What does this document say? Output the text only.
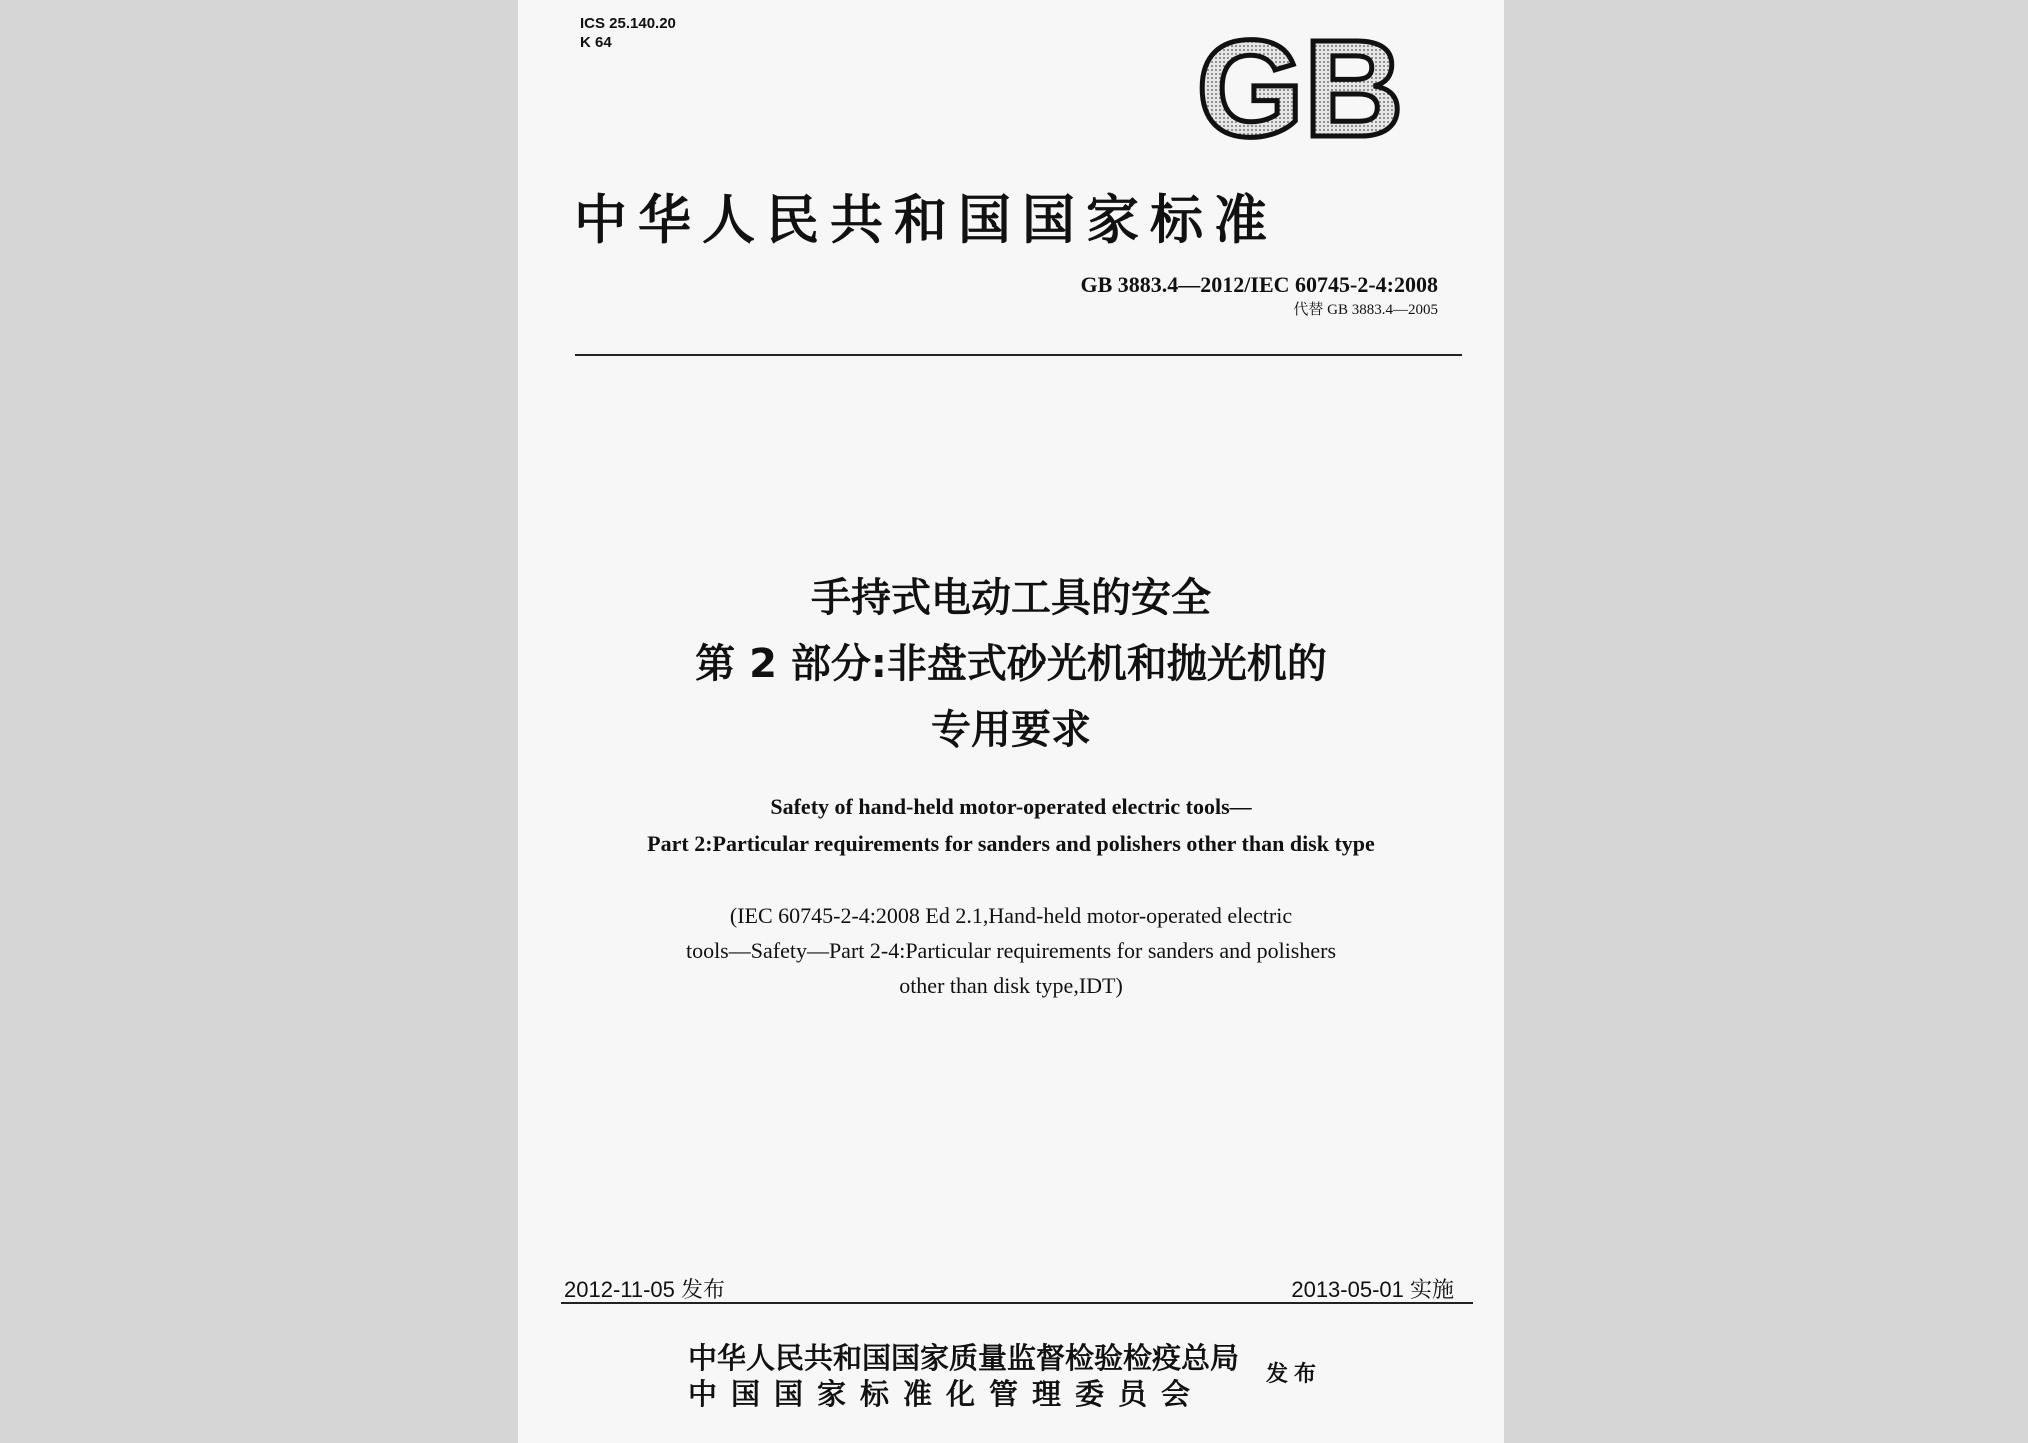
ICS 25.140.20
K 64	GB
中华人民共和国国家标准
GB 3883.4—2012/IEC 60745-2-4:2008
代替 GB 3883.4—2005
手持式电动工具的安全
第 2 部分:非盘式砂光机和抛光机的
专用要求
Safety of hand-held motor-operated electric tools—
Part 2:Particular requirements for sanders and polishers other than disk type
(IEC 60745-2-4:2008 Ed 2.1,Hand-held motor-operated electric
tools—Safety—Part 2-4:Particular requirements for sanders and polishers
other than disk type,IDT)
2012-11-05 发布	2013-05-01 实施
中华人民共和国国家质量监督检验检疫总局
中国国家标准化管理委员会
发布
